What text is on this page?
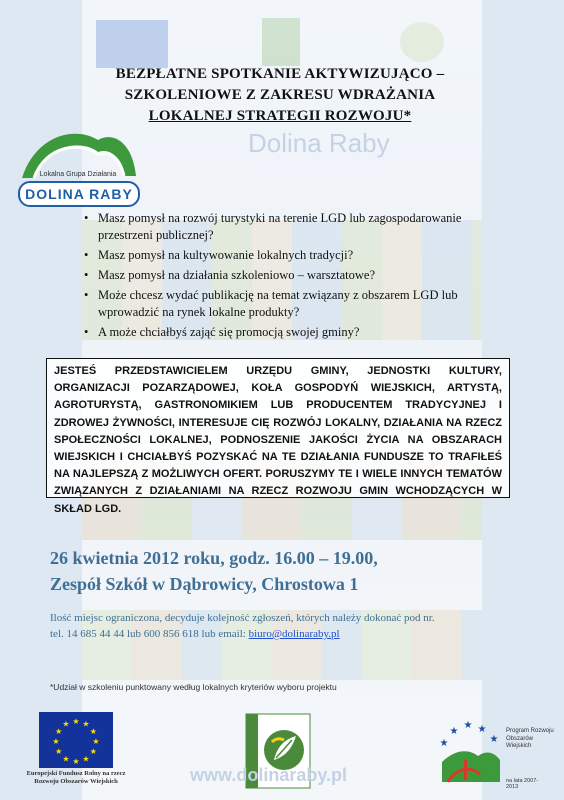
BEZPŁATNE SPOTKANIE AKTYWIZUJĄCO –
SZKOLENIOWE Z ZAKRESU WDRAŻANIA
LOKALNEJ STRATEGII ROZWOJU*
Dolina Raby
Lokalna Grupa Działania
DOLINA RABY
• Masz pomysł na rozwój turystyki na terenie LGD lub zagospodarowanie przestrzeni publicznej?
• Masz pomysł na kultywowanie lokalnych tradycji?
• Masz pomysł na działania szkoleniowo – warsztatowe?
• Może chcesz wydać publikację na temat związany z obszarem LGD lub wprowadzić na rynek lokalne produkty?
• A może chciałbyś zająć się promocją swojej gminy?
JESTEŚ PRZEDSTAWICIELEM URZĘDU GMINY, JEDNOSTKI KULTURY, ORGANIZACJI POZARZĄDOWEJ, KOŁA GOSPODYŃ WIEJSKICH, ARTYSTĄ, AGROTURYSTĄ, GASTRONOMIKIEM LUB PRODUCENTEM TRADYCYJNEJ I ZDROWEJ ŻYWNOŚCI, INTERESUJE CIĘ ROZWÓJ LOKALNY, DZIAŁANIA NA RZECZ SPOŁECZNOŚCI LOKALNEJ, PODNOSZENIE JAKOŚCI ŻYCIA NA OBSZARACH WIEJSKICH I CHCIAŁBYŚ POZYSKAĆ NA TE DZIAŁANIA FUNDUSZE TO TRAFIŁEŚ NA NAJLEPSZĄ Z MOŻLIWYCH OFERT. PORUSZYMY TE I WIELE INNYCH TEMATÓW ZWIĄZANYCH Z DZIAŁANIAMI NA RZECZ ROZWOJU GMIN WCHODZĄCYCH W SKŁAD LGD.
26 kwietnia 2012 roku, godz. 16.00 – 19.00,
Zespół Szkół w Dąbrowicy, Chrostowa 1
Ilość miejsc ograniczona, decyduje kolejność zgłoszeń, których należy dokonać pod nr.
tel. 14 685 44 44 lub 600 856 618 lub email: biuro@dolinaraby.pl
*Udział w szkoleniu punktowany według lokalnych kryteriów wyboru projektu
★ ★
★
★
★
★
★
★
★
★
★
★
Europejski Fundusz Rolny na rzecz Rozwoju Obszarów Wiejskich	www.dolinaraby.pl
★
★
★ ★
★
Program Rozwoju Obszarów Wiejskich
na lata 2007-2013
